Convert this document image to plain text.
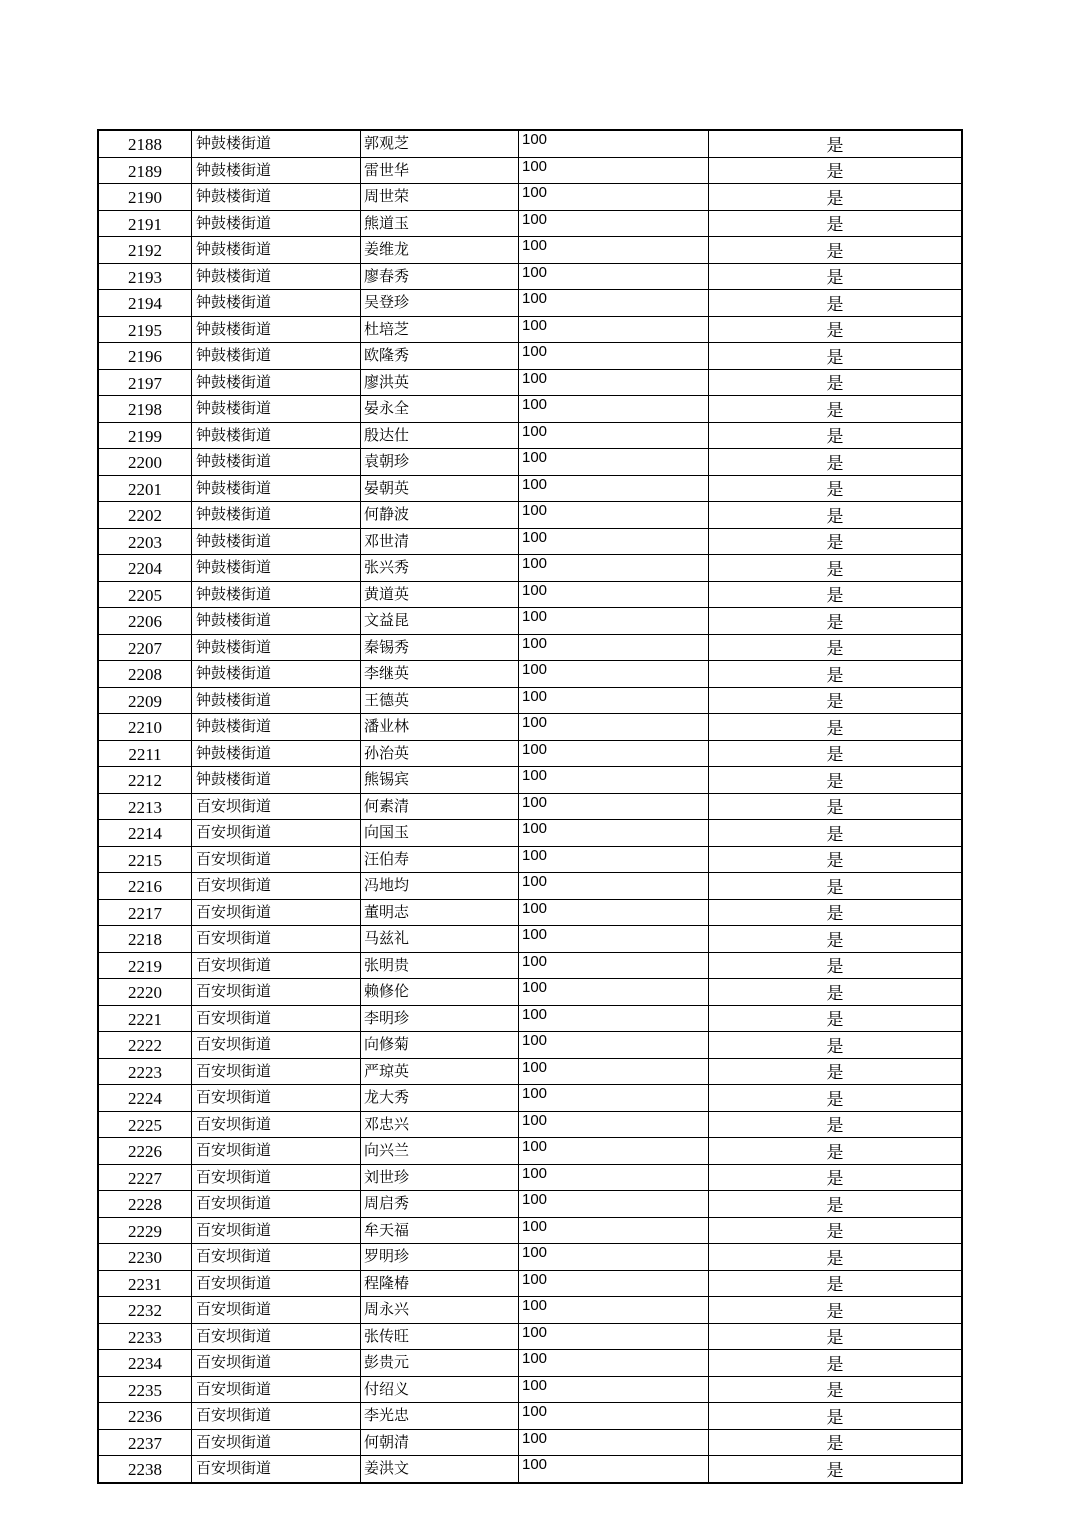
2188	钟鼓楼街道	郭观芝	100	是
2189	钟鼓楼街道	雷世华	100	是
2190	钟鼓楼街道	周世荣	100	是
2191	钟鼓楼街道	熊道玉	100	是
2192	钟鼓楼街道	姜维龙	100	是
2193	钟鼓楼街道	廖春秀	100	是
2194	钟鼓楼街道	吴登珍	100	是
2195	钟鼓楼街道	杜培芝	100	是
2196	钟鼓楼街道	欧隆秀	100	是
2197	钟鼓楼街道	廖洪英	100	是
2198	钟鼓楼街道	晏永全	100	是
2199	钟鼓楼街道	殷达仕	100	是
2200	钟鼓楼街道	袁朝珍	100	是
2201	钟鼓楼街道	晏朝英	100	是
2202	钟鼓楼街道	何静波	100	是
2203	钟鼓楼街道	邓世清	100	是
2204	钟鼓楼街道	张兴秀	100	是
2205	钟鼓楼街道	黄道英	100	是
2206	钟鼓楼街道	文益昆	100	是
2207	钟鼓楼街道	秦锡秀	100	是
2208	钟鼓楼街道	李继英	100	是
2209	钟鼓楼街道	王德英	100	是
2210	钟鼓楼街道	潘业林	100	是
2211	钟鼓楼街道	孙治英	100	是
2212	钟鼓楼街道	熊锡宾	100	是
2213	百安坝街道	何素清	100	是
2214	百安坝街道	向国玉	100	是
2215	百安坝街道	汪伯寿	100	是
2216	百安坝街道	冯地均	100	是
2217	百安坝街道	董明志	100	是
2218	百安坝街道	马兹礼	100	是
2219	百安坝街道	张明贵	100	是
2220	百安坝街道	赖修伦	100	是
2221	百安坝街道	李明珍	100	是
2222	百安坝街道	向修菊	100	是
2223	百安坝街道	严琼英	100	是
2224	百安坝街道	龙大秀	100	是
2225	百安坝街道	邓忠兴	100	是
2226	百安坝街道	向兴兰	100	是
2227	百安坝街道	刘世珍	100	是
2228	百安坝街道	周启秀	100	是
2229	百安坝街道	牟天福	100	是
2230	百安坝街道	罗明珍	100	是
2231	百安坝街道	程隆椿	100	是
2232	百安坝街道	周永兴	100	是
2233	百安坝街道	张传旺	100	是
2234	百安坝街道	彭贵元	100	是
2235	百安坝街道	付绍义	100	是
2236	百安坝街道	李光忠	100	是
2237	百安坝街道	何朝清	100	是
2238	百安坝街道	姜洪文	100	是
